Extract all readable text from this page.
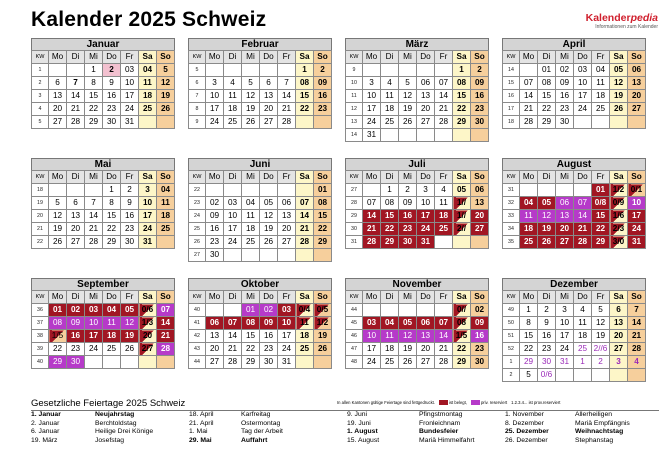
Kalender 2025 Schweiz	Kalenderpedia
Informationen zum Kalender
Januar
KW	Mo	Di	Mi	Do	Fr	Sa	So
1			1	2	03	04	5
2	6	7	8	9	10	11	12
3	13	14	15	16	17	18	19
4	20	21	22	23	24	25	26
5	27	28	29	30	31		
Februar
KW	Mo	Di	Mi	Do	Fr	Sa	So
5						1	2
6	3	4	5	6	7	08	09
7	10	11	12	13	14	15	16
8	17	18	19	20	21	22	23
9	24	25	26	27	28		
März
KW	Mo	Di	Mi	Do	Fr	Sa	So
9						1	2
10	3	4	5	06	07	08	09
11	10	11	12	13	14	15	16
12	17	18	19	20	21	22	23
13	24	25	26	27	28	29	30
14	31						
April
KW	Mo	Di	Mi	Do	Fr	Sa	So
14		01	02	03	04	05	06
15	07	08	09	10	11	12	13
16	14	15	16	17	18	19	20
17	21	22	23	24	25	26	27
18	28	29	30				
Mai
KW	Mo	Di	Mi	Do	Fr	Sa	So
18				1	2	3	04
19	5	6	7	8	9	10	11
20	12	13	14	15	16	17	18
21	19	20	21	22	23	24	25
22	26	27	28	29	30	31	
Juni
KW	Mo	Di	Mi	Do	Fr	Sa	So
22							01
23	02	03	04	05	06	07	08
24	09	10	11	12	13	14	15
25	16	17	18	19	20	21	22
26	23	24	25	26	27	28	29
27	30						
Juli
KW	Mo	Di	Mi	Do	Fr	Sa	So
27		1	2	3	4	05	06
28	07	08	09	10	11	1//	13
29	14	15	16	17	18	1//	20
30	21	22	23	24	25	2//	27
31	28	29	30	31			
August
KW	Mo	Di	Mi	Do	Fr	Sa	So
31					01	1/2	0/1
32	04	05	06	07	0/8	0/9	10
33	11	12	13	14	15	1/6	17
34	18	19	20	21	22	2/3	24
35	25	26	27	28	29	3/0	31
September
KW	Mo	Di	Mi	Do	Fr	Sa	So
36	01	02	03	04	05	0/6	07
37	08	09	10	11	12	1/3	14
38	1/5	16	17	18	19	20	21
39	22	23	24	25	26	2/7	28
40	29	30					
Oktober
KW	Mo	Di	Mi	Do	Fr	Sa	So
40			01	02	03	0/4	0/5
41	06	07	08	09	10	11	1/2
42	13	14	15	16	17	18	19
43	20	21	22	23	24	25	26
44	27	28	29	30	31		
November
KW	Mo	Di	Mi	Do	Fr	Sa	So
44						0//	02
45	03	04	05	06	07	08	09
46	10	11	12	13	14	1/5	16
47	17	18	19	20	21	22	23
48	24	25	26	27	28	29	30
Dezember
KW	Mo	Di	Mi	Do	Fr	Sa	So
49	1	2	3	4	5	6	7
50	8	9	10	11	12	13	14
51	15	16	17	18	19	20	21
52	22	23	24	25	2//6	27	28
1	29	30	31	1	2	3	4
2	5	0/6					
Gesetzliche Feiertage 2025 Schweiz	In allen Kantonen gültige Feiertage sind fettgedruckt.	ist belegt,	priv. reserviert 1.2.3.4... ist prov.reserviert
1. Januar	Neujahrstag
2. Januar	Berchtoldstag
6. Januar	Heilige Drei Könige
19. März	Josefstag
18. April	Karfreitag
21. April	Ostermontag
1. Mai	Tag der Arbeit
29. Mai	Auffahrt
9. Juni	Pfingstmontag
19. Juni	Fronleichnam
1. August	Bundesfeier
15. August	Mariä Himmelfahrt
1. November	Allerheiligen
8. Dezember	Mariä Empfängnis
25. Dezember	Weihnachtstag
26. Dezember	Stephanstag
